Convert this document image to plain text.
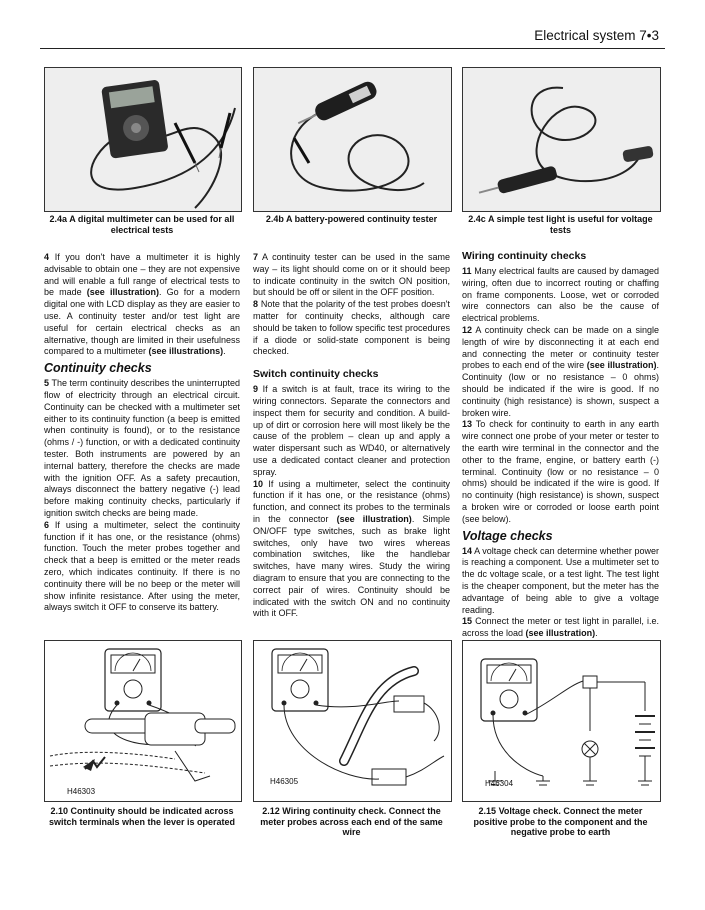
Electrical system 7•3
2.4a A digital multimeter can be used for all electrical tests
2.4b A battery-powered continuity tester	2.4c A simple test light is useful for voltage tests

4 If you don't have a multimeter it is highly advisable to obtain one – they are not expensive and will enable a full range of electrical tests to be made (see illustration). Go for a modern digital one with LCD display as they are easier to use. A continuity tester and/or test light are useful for certain electrical checks as an alternative, though are limited in their usefulness compared to a multimeter (see illustrations).

Continuity checks

5 The term continuity describes the uninterrupted flow of electricity through an electrical circuit. Continuity can be checked with a multimeter set either to its continuity function (a beep is emitted when continuity is found), or to the resistance (ohms / -) function, or with a dedicated continuity tester. Both instruments are powered by an internal battery, therefore the checks are made with the ignition OFF. As a safety precaution, always disconnect the battery negative (-) lead before making continuity checks, particularly if ignition switch checks are being made.

6 If using a multimeter, select the continuity function if it has one, or the resistance (ohms) function. Touch the meter probes together and check that a beep is emitted or the meter reads zero, which indicates continuity. If there is no continuity there will be no beep or the meter will show infinite resistance. After using the meter, always switch it OFF to conserve its battery.

7 A continuity tester can be used in the same way – its light should come on or it should beep to indicate continuity in the switch ON position, but should be off or silent in the OFF position.

8 Note that the polarity of the test probes doesn't matter for continuity checks, although care should be taken to follow specific test procedures if a diode or solid-state component is being checked.

Switch continuity checks

9 If a switch is at fault, trace its wiring to the wiring connectors. Separate the connectors and inspect them for security and condition. A build-up of dirt or corrosion here will most likely be the cause of the problem – clean up and apply a water dispersant such as WD40, or alternatively use a dedicated contact cleaner and protection spray.

10 If using a multimeter, select the continuity function if it has one, or the resistance (ohms) function, and connect its probes to the terminals in the connector (see illustration). Simple ON/OFF type switches, such as brake light switches, only have two wires whereas combination switches, like the handlebar switches, have many wires. Study the wiring diagram to ensure that you are connecting to the correct pair of wires. Continuity should be indicated with the switch ON and no continuity with it OFF.

Wiring continuity checks

11 Many electrical faults are caused by damaged wiring, often due to incorrect routing or chaffing on frame components. Loose, wet or corroded wire connectors can also be the cause of electrical problems.

12 A continuity check can be made on a single length of wire by disconnecting it at each end and connecting the meter or continuity tester probes to each end of the wire (see illustration). Continuity (low or no resistance – 0 ohms) should be indicated if the wire is good. If no continuity (high resistance) is shown, suspect a broken wire.

13 To check for continuity to earth in any earth wire connect one probe of your meter or tester to the earth wire terminal in the connector and the other to the frame, engine, or battery earth (-) terminal. Continuity (low or no resistance – 0 ohms) should be indicated if the wire is good. If no continuity (high resistance) is shown, suspect a broken wire or corroded or loose earth point (see below).

Voltage checks

14 A voltage check can determine whether power is reaching a component. Use a multimeter set to the dc voltage scale, or a test light. The test light is the cheaper component, but the meter has the advantage of being able to give a voltage reading.

15 Connect the meter or test light in parallel, i.e. across the load (see illustration).

H46303
2.10 Continuity should be indicated across switch terminals when the lever is operated
H46305
2.12 Wiring continuity check. Connect the meter probes across each end of the same wire
H46304
2.15 Voltage check. Connect the meter positive probe to the component and the negative probe to earth
